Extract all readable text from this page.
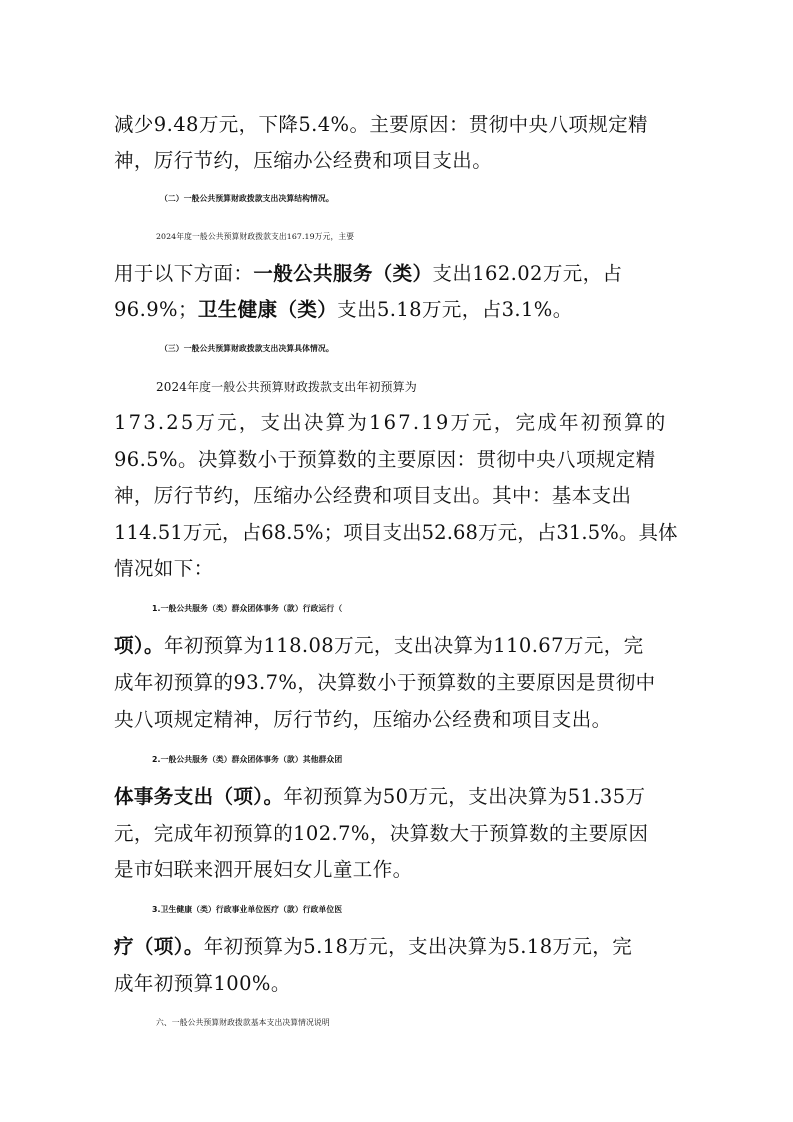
减少9.48万元，下降5.4%。主要原因：贯彻中央八项规定精
神，厉行节约，压缩办公经费和项目支出。
（二）一般公共预算财政拨款支出决算结构情况。
2024年度一般公共预算财政拨款支出167.19万元，主要
用于以下方面：一般公共服务（类）支出162.02万元，占
96.9%；卫生健康（类）支出5.18万元，占3.1%。
（三）一般公共预算财政拨款支出决算具体情况。
2024年度一般公共预算财政拨款支出年初预算为
173.25万元，支出决算为167.19万元，完成年初预算的
96.5%。决算数小于预算数的主要原因：贯彻中央八项规定精
神，厉行节约，压缩办公经费和项目支出。其中：基本支出
114.51万元，占68.5%；项目支出52.68万元，占31.5%。具体
情况如下：
1.一般公共服务（类）群众团体事务（款）行政运行（
项）。年初预算为118.08万元，支出决算为110.67万元，完
成年初预算的93.7%，决算数小于预算数的主要原因是贯彻中
央八项规定精神，厉行节约，压缩办公经费和项目支出。
2.一般公共服务（类）群众团体事务（款）其他群众团
体事务支出（项）。年初预算为50万元，支出决算为51.35万
元，完成年初预算的102.7%，决算数大于预算数的主要原因
是市妇联来泗开展妇女儿童工作。
3.卫生健康（类）行政事业单位医疗（款）行政单位医
疗（项）。年初预算为5.18万元，支出决算为5.18万元，完
成年初预算100%。
六、一般公共预算财政拨款基本支出决算情况说明
